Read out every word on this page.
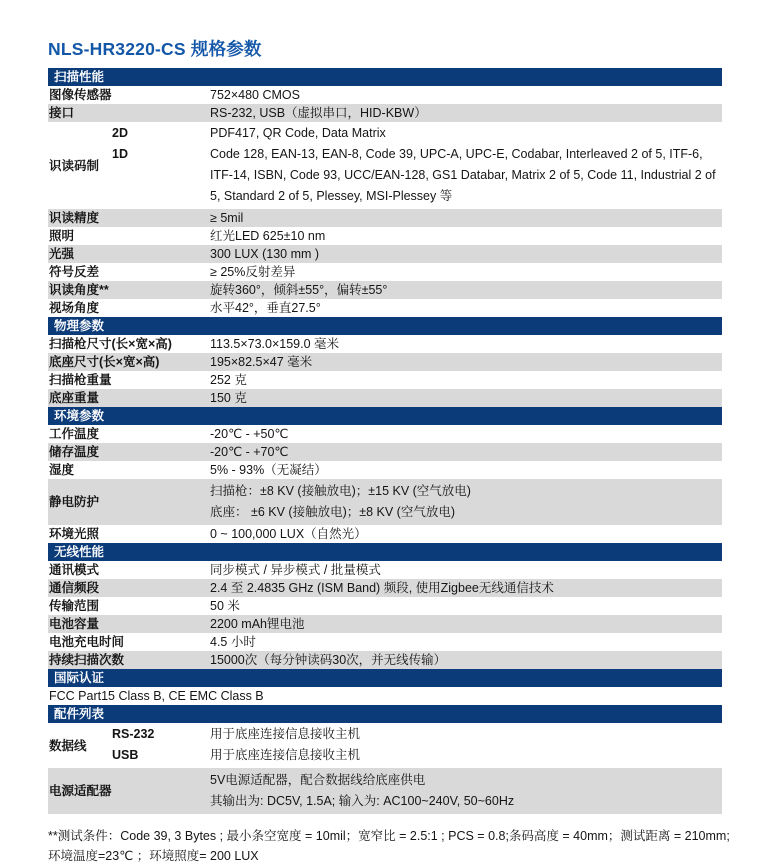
NLS-HR3220-CS 规格参数
扫描性能
图像传感器	752×480 CMOS
接口	RS-232, USB（虚拟串口，HID-KBW）
识读码制
2D	PDF417, QR Code, Data Matrix
1D	Code 128, EAN-13, EAN-8, Code 39, UPC-A, UPC-E, Codabar, Interleaved 2 of 5, ITF-6, ITF-14, ISBN, Code 93, UCC/EAN-128, GS1 Databar, Matrix 2 of 5, Code 11, Industrial 2 of 5, Standard 2 of 5, Plessey, MSI-Plessey 等
识读精度	≥ 5mil
照明	红光LED 625±10 nm
光强	300 LUX (130 mm )
符号反差	≥ 25%反射差异
识读角度**	旋转360°，倾斜±55°，偏转±55°
视场角度	水平42°，垂直27.5°
物理参数
扫描枪尺寸(长×宽×高)	113.5×73.0×159.0 毫米
底座尺寸(长×宽×高)	195×82.5×47 毫米
扫描枪重量	252 克
底座重量	150 克
环境参数
工作温度	-20℃ - +50℃
储存温度	-20℃ - +70℃
湿度	5% - 93%（无凝结）
静电防护
扫描枪：±8 KV (接触放电)；±15 KV (空气放电)
底座： ±6 KV (接触放电)；±8 KV (空气放电)
环境光照	0 ~ 100,000 LUX（自然光）
无线性能
通讯模式	同步模式 / 异步模式 / 批量模式
通信频段	2.4 至 2.4835 GHz (ISM Band) 频段, 使用Zigbee无线通信技术
传输范围	50 米
电池容量	2200 mAh锂电池
电池充电时间	4.5 小时
持续扫描次数	15000次（每分钟读码30次，并无线传输）
国际认证
FCC Part15 Class B, CE EMC Class B
配件列表
数据线
RS-232	用于底座连接信息接收主机
USB	用于底座连接信息接收主机
电源适配器
5V电源适配器，配合数据线给底座供电
其输出为: DC5V, 1.5A; 输入为: AC100~240V, 50~60Hz
**测试条件：Code 39, 3 Bytes ; 最小条空宽度 = 10mil；宽窄比 = 2.5:1 ; PCS = 0.8;条码高度 = 40mm；测试距离 = 210mm;
环境温度=23℃ ；环境照度= 200 LUX
